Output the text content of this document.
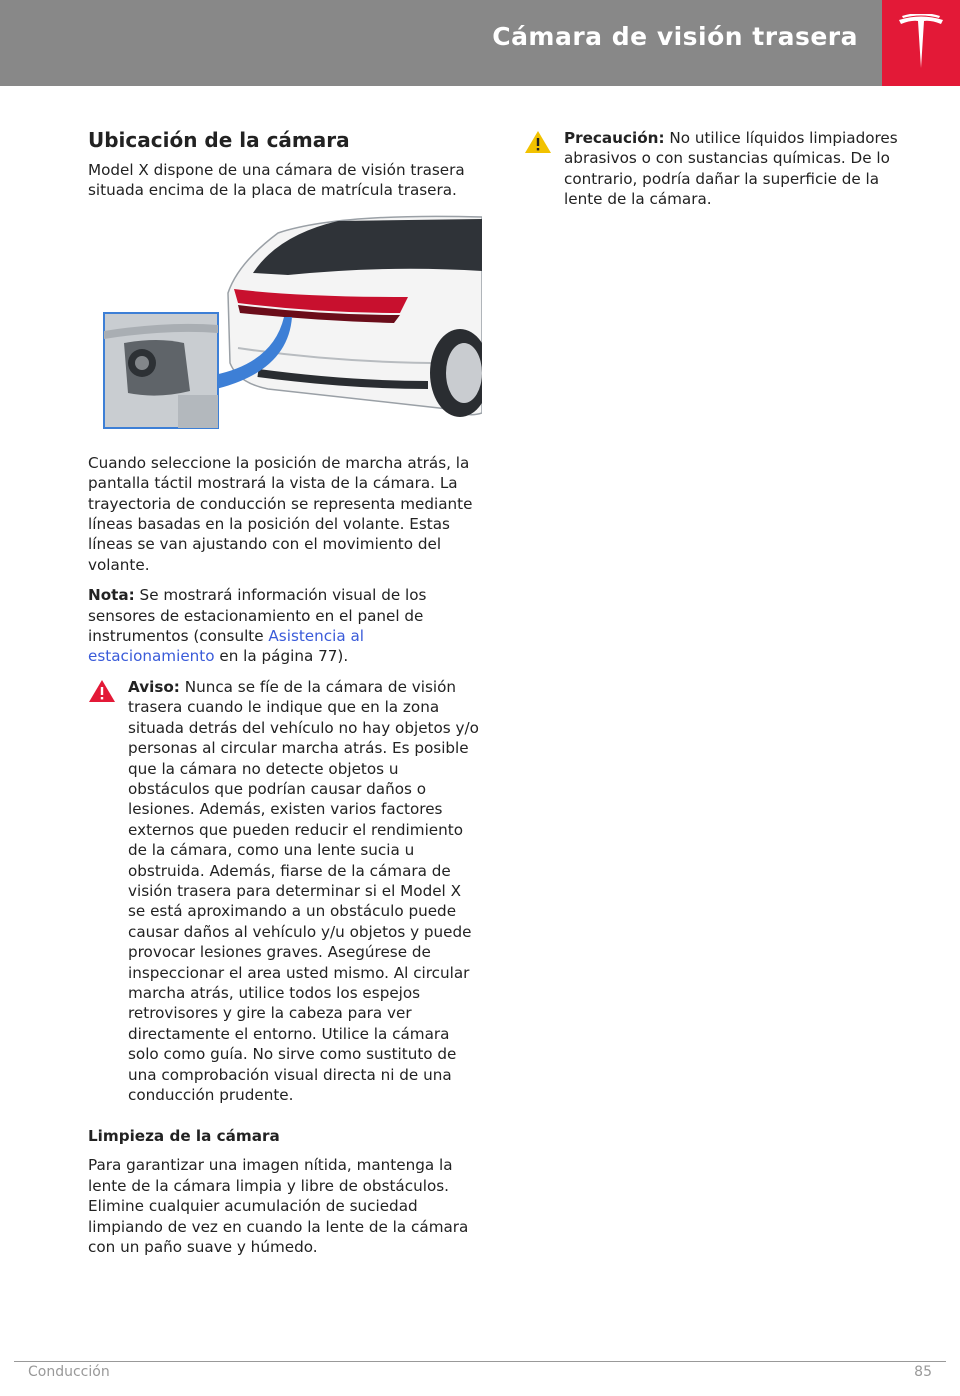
Cámara de visión trasera
Ubicación de la cámara

Model X dispone de una cámara de visión trasera situada encima de la placa de matrícula trasera.

Cuando seleccione la posición de marcha atrás, la pantalla táctil mostrará la vista de la cámara. La trayectoria de conducción se representa mediante líneas basadas en la posición del volante. Estas líneas se van ajustando con el movimiento del volante.

Nota: Se mostrará información visual de los sensores de estacionamiento en el panel de instrumentos (consulte Asistencia al estacionamiento en la página 77).

Aviso: Nunca se fíe de la cámara de visión trasera cuando le indique que en la zona situada detrás del vehículo no hay objetos y/o personas al circular marcha atrás. Es posible que la cámara no detecte objetos u obstáculos que podrían causar daños o lesiones. Además, existen varios factores externos que pueden reducir el rendimiento de la cámara, como una lente sucia u obstruida. Además, fiarse de la cámara de visión trasera para determinar si el Model X se está aproximando a un obstáculo puede causar daños al vehículo y/u objetos y puede provocar lesiones graves. Asegúrese de inspeccionar el area usted mismo. Al circular marcha atrás, utilice todos los espejos retrovisores y gire la cabeza para ver directamente el entorno. Utilice la cámara solo como guía. No sirve como sustituto de una comprobación visual directa ni de una conducción prudente.

Limpieza de la cámara

Para garantizar una imagen nítida, mantenga la lente de la cámara limpia y libre de obstáculos. Elimine cualquier acumulación de suciedad limpiando de vez en cuando la lente de la cámara con un paño suave y húmedo.

Precaución: No utilice líquidos limpiadores abrasivos o con sustancias químicas. De lo contrario, podría dañar la superficie de la lente de la cámara.

Conducción	85
